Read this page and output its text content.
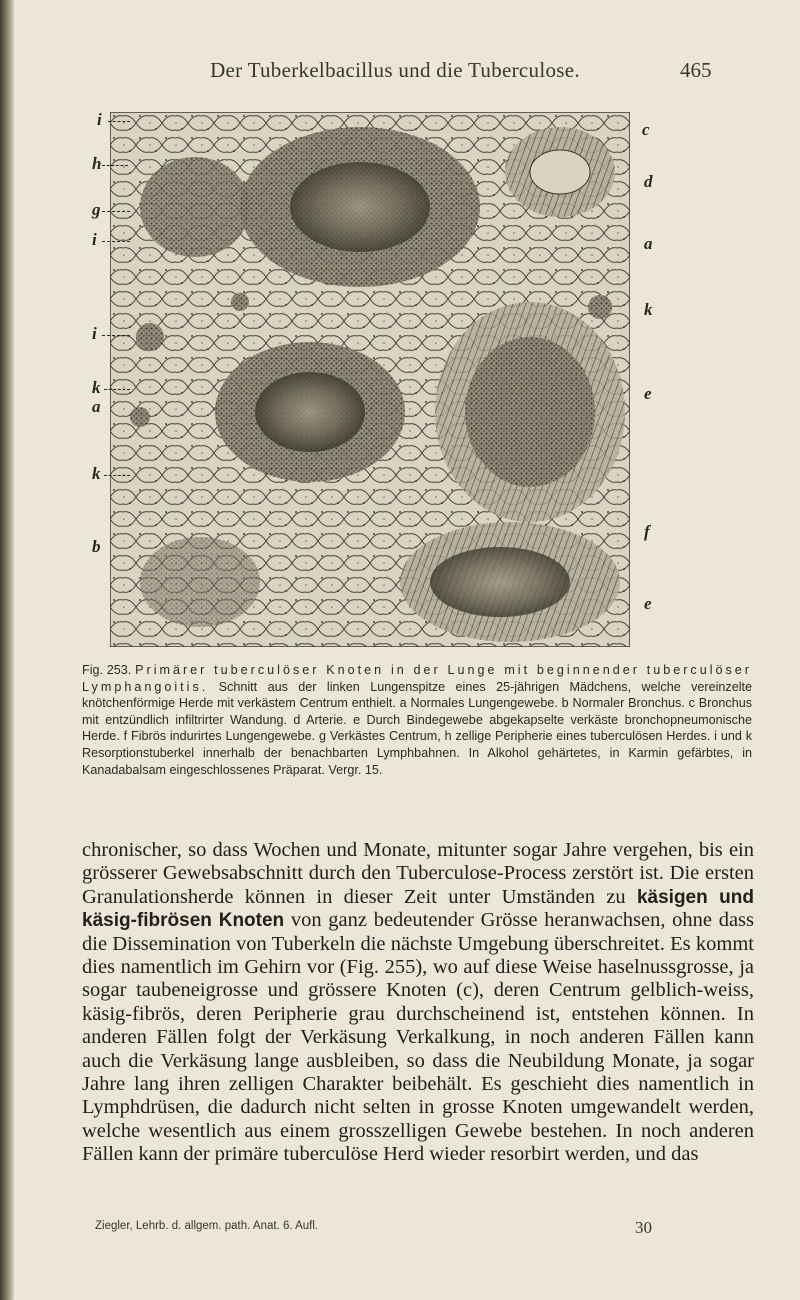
Der Tuberkelbacillus und die Tuberculose.	465
i
h
g
i
i
k
a
k
b
c
d
a
k
e
f
e

Fig. 253. Primärer tuberculöser Knoten in der Lunge mit beginnender tuberculöser Lymphangoitis. Schnitt aus der linken Lungenspitze eines 25-jährigen Mädchens, welche vereinzelte knötchenförmige Herde mit verkästem Centrum enthielt. a Normales Lungengewebe. b Normaler Bronchus. c Bronchus mit entzündlich infiltrirter Wandung. d Arterie. e Durch Bindegewebe abgekapselte verkäste bronchopneumonische Herde. f Fibrös indurirtes Lungengewebe. g Verkästes Centrum, h zellige Peripherie eines tuberculösen Herdes. i und k Resorptionstuberkel innerhalb der benachbarten Lymphbahnen. In Alkohol gehärtetes, in Karmin gefärbtes, in Kanadabalsam eingeschlossenes Präparat. Vergr. 15.

chronischer, so dass Wochen und Monate, mitunter sogar Jahre vergehen, bis ein grösserer Gewebsabschnitt durch den Tuberculose-Process zerstört ist. Die ersten Granulationsherde können in dieser Zeit unter Umständen zu käsigen und käsig-fibrösen Knoten von ganz bedeutender Grösse heranwachsen, ohne dass die Dissemination von Tuberkeln die nächste Umgebung überschreitet. Es kommt dies namentlich im Gehirn vor (Fig. 255), wo auf diese Weise haselnussgrosse, ja sogar taubeneigrosse und grössere Knoten (c), deren Centrum gelblich-weiss, käsig-fibrös, deren Peripherie grau durchscheinend ist, entstehen können. In anderen Fällen folgt der Verkäsung Verkalkung, in noch anderen Fällen kann auch die Verkäsung lange ausbleiben, so dass die Neubildung Monate, ja sogar Jahre lang ihren zelligen Charakter beibehält. Es geschieht dies namentlich in Lymphdrüsen, die dadurch nicht selten in grosse Knoten umgewandelt werden, welche wesentlich aus einem grosszelligen Gewebe bestehen. In noch anderen Fällen kann der primäre tuberculöse Herd wieder resorbirt werden, und das

Ziegler, Lehrb. d. allgem. path. Anat. 6. Aufl.	30
